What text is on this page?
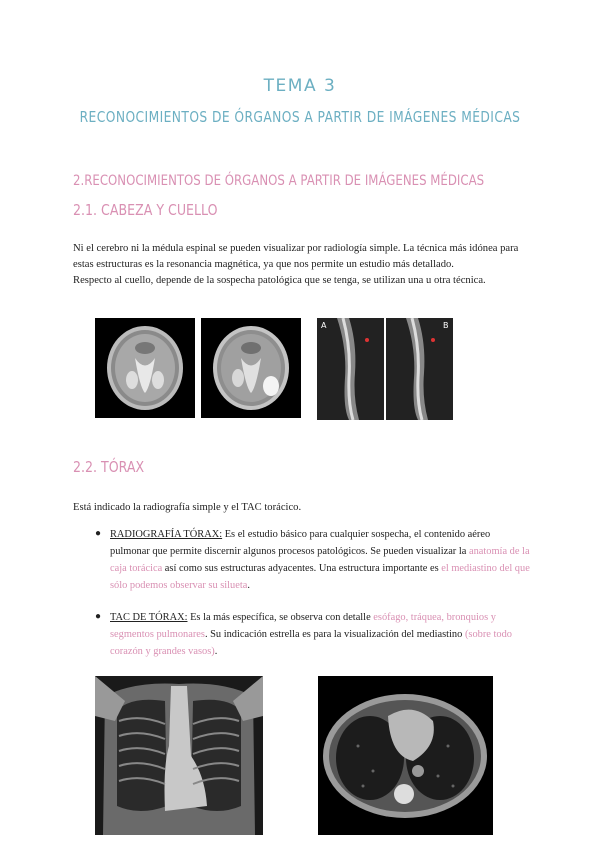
TEMA 3
RECONOCIMIENTOS DE ÓRGANOS A PARTIR DE IMÁGENES MÉDICAS
2.RECONOCIMIENTOS DE ÓRGANOS A PARTIR DE IMÁGENES MÉDICAS
2.1. CABEZA Y CUELLO
Ni el cerebro ni la médula espinal se pueden visualizar por radiología simple. La técnica más idónea para estas estructuras es la resonancia magnética, ya que nos permite un estudio más detallado.
Respecto al cuello, depende de la sospecha patológica que se tenga, se utilizan una u otra técnica.
A	B
2.2. TÓRAX
Está indicado la radiografía simple y el TAC torácico.
● RADIOGRAFÍA TÓRAX: Es el estudio básico para cualquier sospecha, el contenido aéreo pulmonar que permite discernir algunos procesos patológicos. Se pueden visualizar la anatomía de la caja torácica así como sus estructuras adyacentes. Una estructura importante es el mediastino del que sólo podemos observar su silueta.
● TAC DE TÓRAX: Es la más específica, se observa con detalle esófago, tráquea, bronquios y segmentos pulmonares. Su indicación estrella es para la visualización del mediastino (sobre todo corazón y grandes vasos).
